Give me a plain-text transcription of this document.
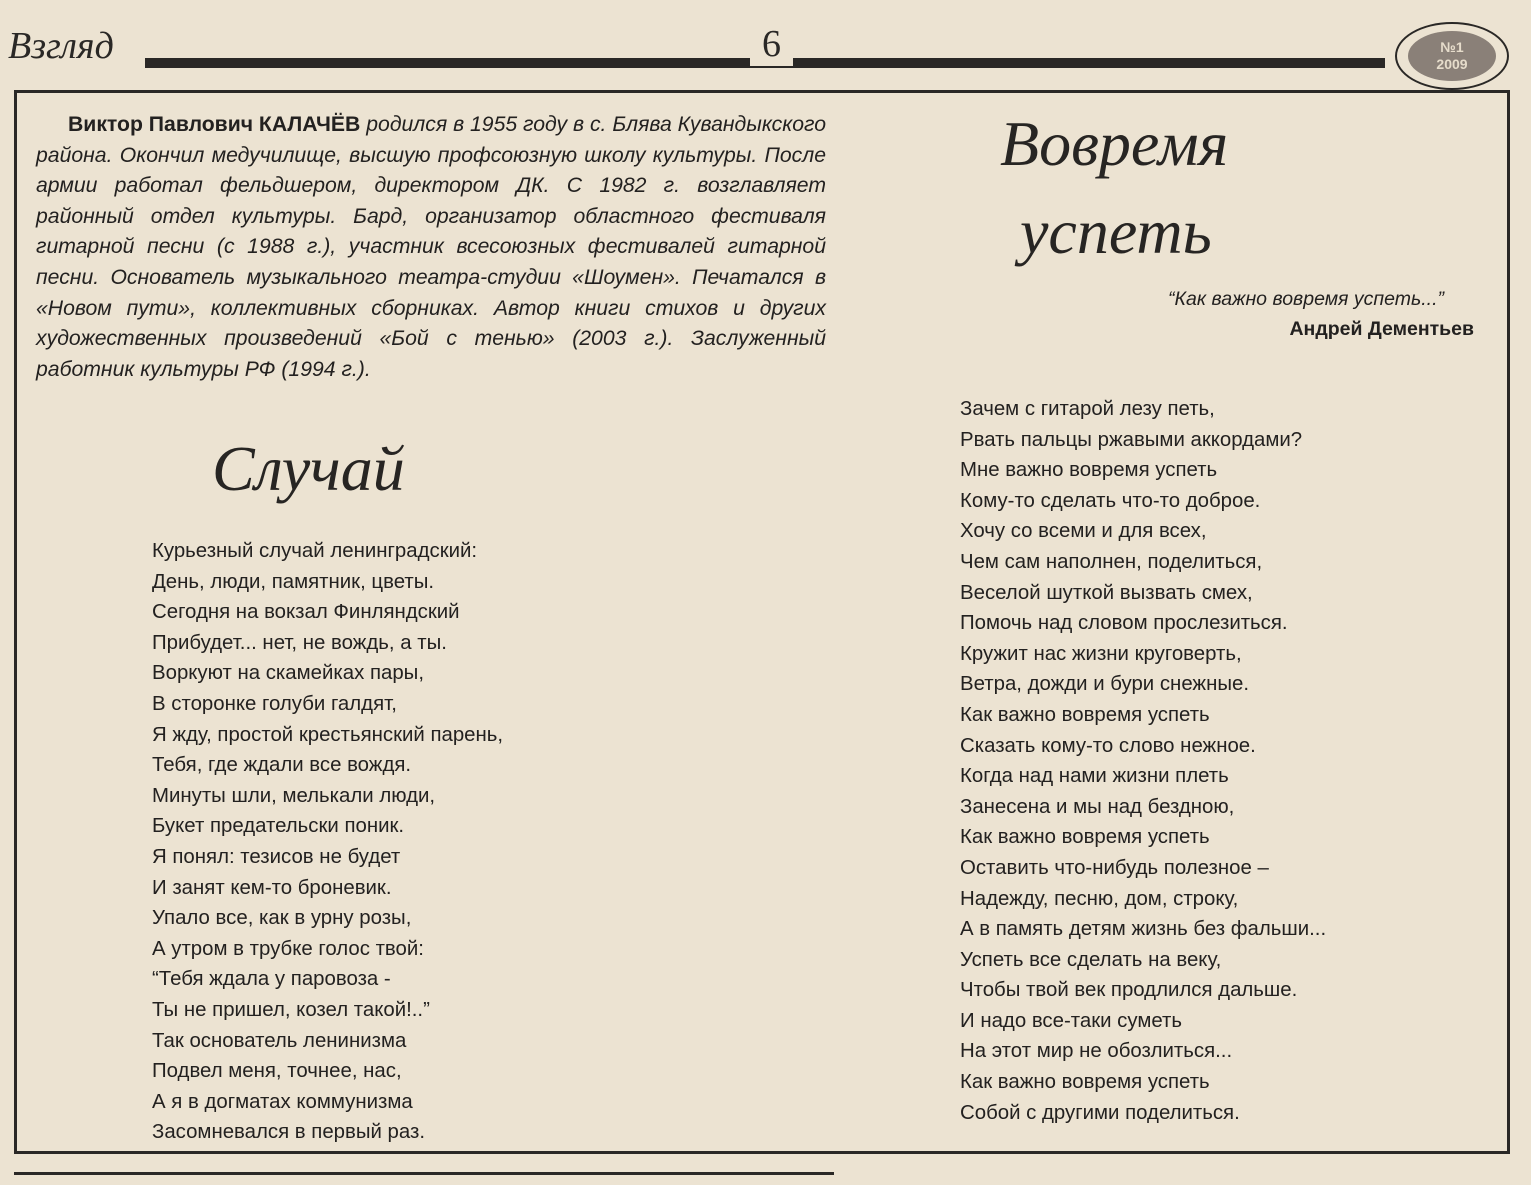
Взгляд	6	№1
2009

Виктор Павлович КАЛАЧЁВ родился в 1955 году в с. Блява Кувандыкского района. Окончил медучилище, высшую профсоюзную школу культуры. После армии работал фельдшером, директором ДК. С 1982 г. возглавляет районный отдел культуры. Бард, организатор областного фестиваля гитарной песни (с 1988 г.), участник всесоюзных фестивалей гитарной песни. Основатель музыкального театра-студии «Шоумен». Печатался в «Новом пути», коллективных сборниках. Автор книги стихов и других художественных произведений «Бой с тенью» (2003 г.). Заслуженный работник культуры РФ (1994 г.).

Случай
Курьезный случай ленинградский:
День, люди, памятник, цветы.
Сегодня на вокзал Финляндский
Прибудет... нет, не вождь, а ты.
Воркуют на скамейках пары,
В сторонке голуби галдят,
Я жду, простой крестьянский парень,
Тебя, где ждали все вождя.
Минуты шли, мелькали люди,
Букет предательски поник.
Я понял: тезисов не будет
И занят кем-то броневик.
Упало все, как в урну розы,
А утром в трубке голос твой:
“Тебя ждала у паровоза -
Ты не пришел, козел такой!..”
Так основатель ленинизма
Подвел меня, точнее, нас,
А я в догматах коммунизма
Засомневался в первый раз.
Вовремя
успеть
“Как важно вовремя успеть...”
Андрей Дементьев
Зачем с гитарой лезу петь,
Рвать пальцы ржавыми аккордами?
Мне важно вовремя успеть
Кому-то сделать что-то доброе.
Хочу со всеми и для всех,
Чем сам наполнен, поделиться,
Веселой шуткой вызвать смех,
Помочь над словом прослезиться.
Кружит нас жизни круговерть,
Ветра, дожди и бури снежные.
Как важно вовремя успеть
Сказать кому-то слово нежное.
Когда над нами жизни плеть
Занесена и мы над бездною,
Как важно вовремя успеть
Оставить что-нибудь полезное –
Надежду, песню, дом, строку,
А в память детям жизнь без фальши...
Успеть все сделать на веку,
Чтобы твой век продлился дальше.
И надо все-таки суметь
На этот мир не обозлиться...
Как важно вовремя успеть
Собой с другими поделиться.
